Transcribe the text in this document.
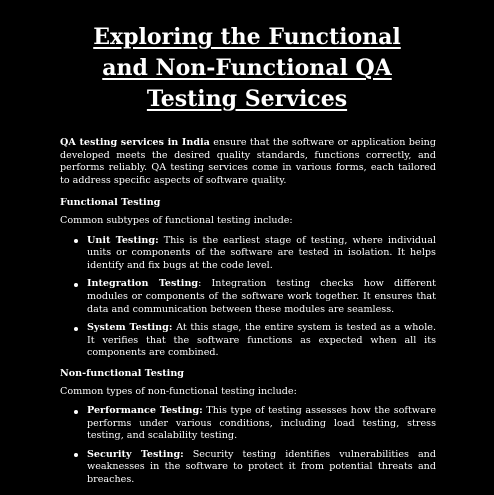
Exploring the Functional
and Non-Functional QA
Testing Services

QA testing services in India ensure that the software or application being developed meets the desired quality standards, functions correctly, and performs reliably. QA testing services come in various forms, each tailored to address specific aspects of software quality.

Functional Testing

Common subtypes of functional testing include:

Unit Testing: This is the earliest stage of testing, where individual units or components of the software are tested in isolation. It helps identify and fix bugs at the code level.
Integration Testing: Integration testing checks how different modules or components of the software work together. It ensures that data and communication between these modules are seamless.
System Testing: At this stage, the entire system is tested as a whole. It verifies that the software functions as expected when all its components are combined.

Non-functional Testing

Common types of non-functional testing include:

Performance Testing: This type of testing assesses how the software performs under various conditions, including load testing, stress testing, and scalability testing.
Security Testing: Security testing identifies vulnerabilities and weaknesses in the software to protect it from potential threats and breaches.
